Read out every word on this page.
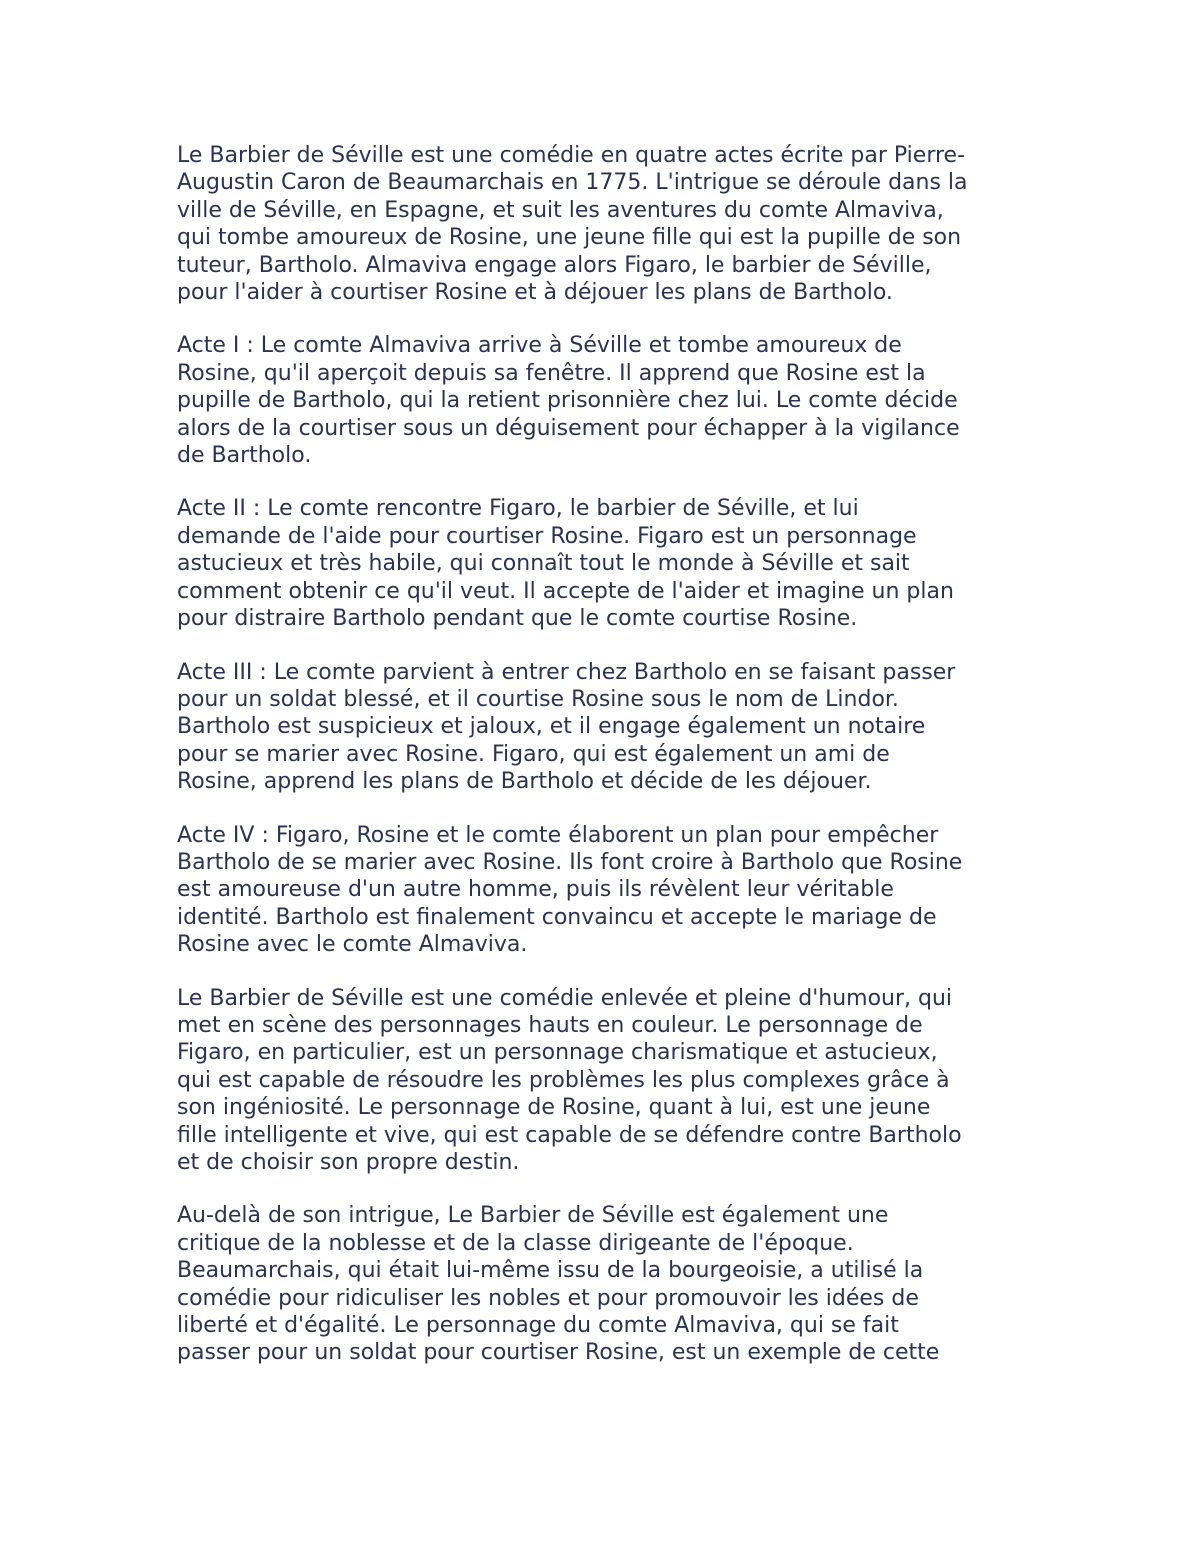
Le Barbier de Séville est une comédie en quatre actes écrite par Pierre-
Augustin Caron de Beaumarchais en 1775. L'intrigue se déroule dans la
ville de Séville, en Espagne, et suit les aventures du comte Almaviva,
qui tombe amoureux de Rosine, une jeune fille qui est la pupille de son
tuteur, Bartholo. Almaviva engage alors Figaro, le barbier de Séville,
pour l'aider à courtiser Rosine et à déjouer les plans de Bartholo.

Acte I : Le comte Almaviva arrive à Séville et tombe amoureux de
Rosine, qu'il aperçoit depuis sa fenêtre. Il apprend que Rosine est la
pupille de Bartholo, qui la retient prisonnière chez lui. Le comte décide
alors de la courtiser sous un déguisement pour échapper à la vigilance
de Bartholo.

Acte II : Le comte rencontre Figaro, le barbier de Séville, et lui
demande de l'aide pour courtiser Rosine. Figaro est un personnage
astucieux et très habile, qui connaît tout le monde à Séville et sait
comment obtenir ce qu'il veut. Il accepte de l'aider et imagine un plan
pour distraire Bartholo pendant que le comte courtise Rosine.

Acte III : Le comte parvient à entrer chez Bartholo en se faisant passer
pour un soldat blessé, et il courtise Rosine sous le nom de Lindor.
Bartholo est suspicieux et jaloux, et il engage également un notaire
pour se marier avec Rosine. Figaro, qui est également un ami de
Rosine, apprend les plans de Bartholo et décide de les déjouer.

Acte IV : Figaro, Rosine et le comte élaborent un plan pour empêcher
Bartholo de se marier avec Rosine. Ils font croire à Bartholo que Rosine
est amoureuse d'un autre homme, puis ils révèlent leur véritable
identité. Bartholo est finalement convaincu et accepte le mariage de
Rosine avec le comte Almaviva.

Le Barbier de Séville est une comédie enlevée et pleine d'humour, qui
met en scène des personnages hauts en couleur. Le personnage de
Figaro, en particulier, est un personnage charismatique et astucieux,
qui est capable de résoudre les problèmes les plus complexes grâce à
son ingéniosité. Le personnage de Rosine, quant à lui, est une jeune
fille intelligente et vive, qui est capable de se défendre contre Bartholo
et de choisir son propre destin.

Au-delà de son intrigue, Le Barbier de Séville est également une
critique de la noblesse et de la classe dirigeante de l'époque.
Beaumarchais, qui était lui-même issu de la bourgeoisie, a utilisé la
comédie pour ridiculiser les nobles et pour promouvoir les idées de
liberté et d'égalité. Le personnage du comte Almaviva, qui se fait
passer pour un soldat pour courtiser Rosine, est un exemple de cette
